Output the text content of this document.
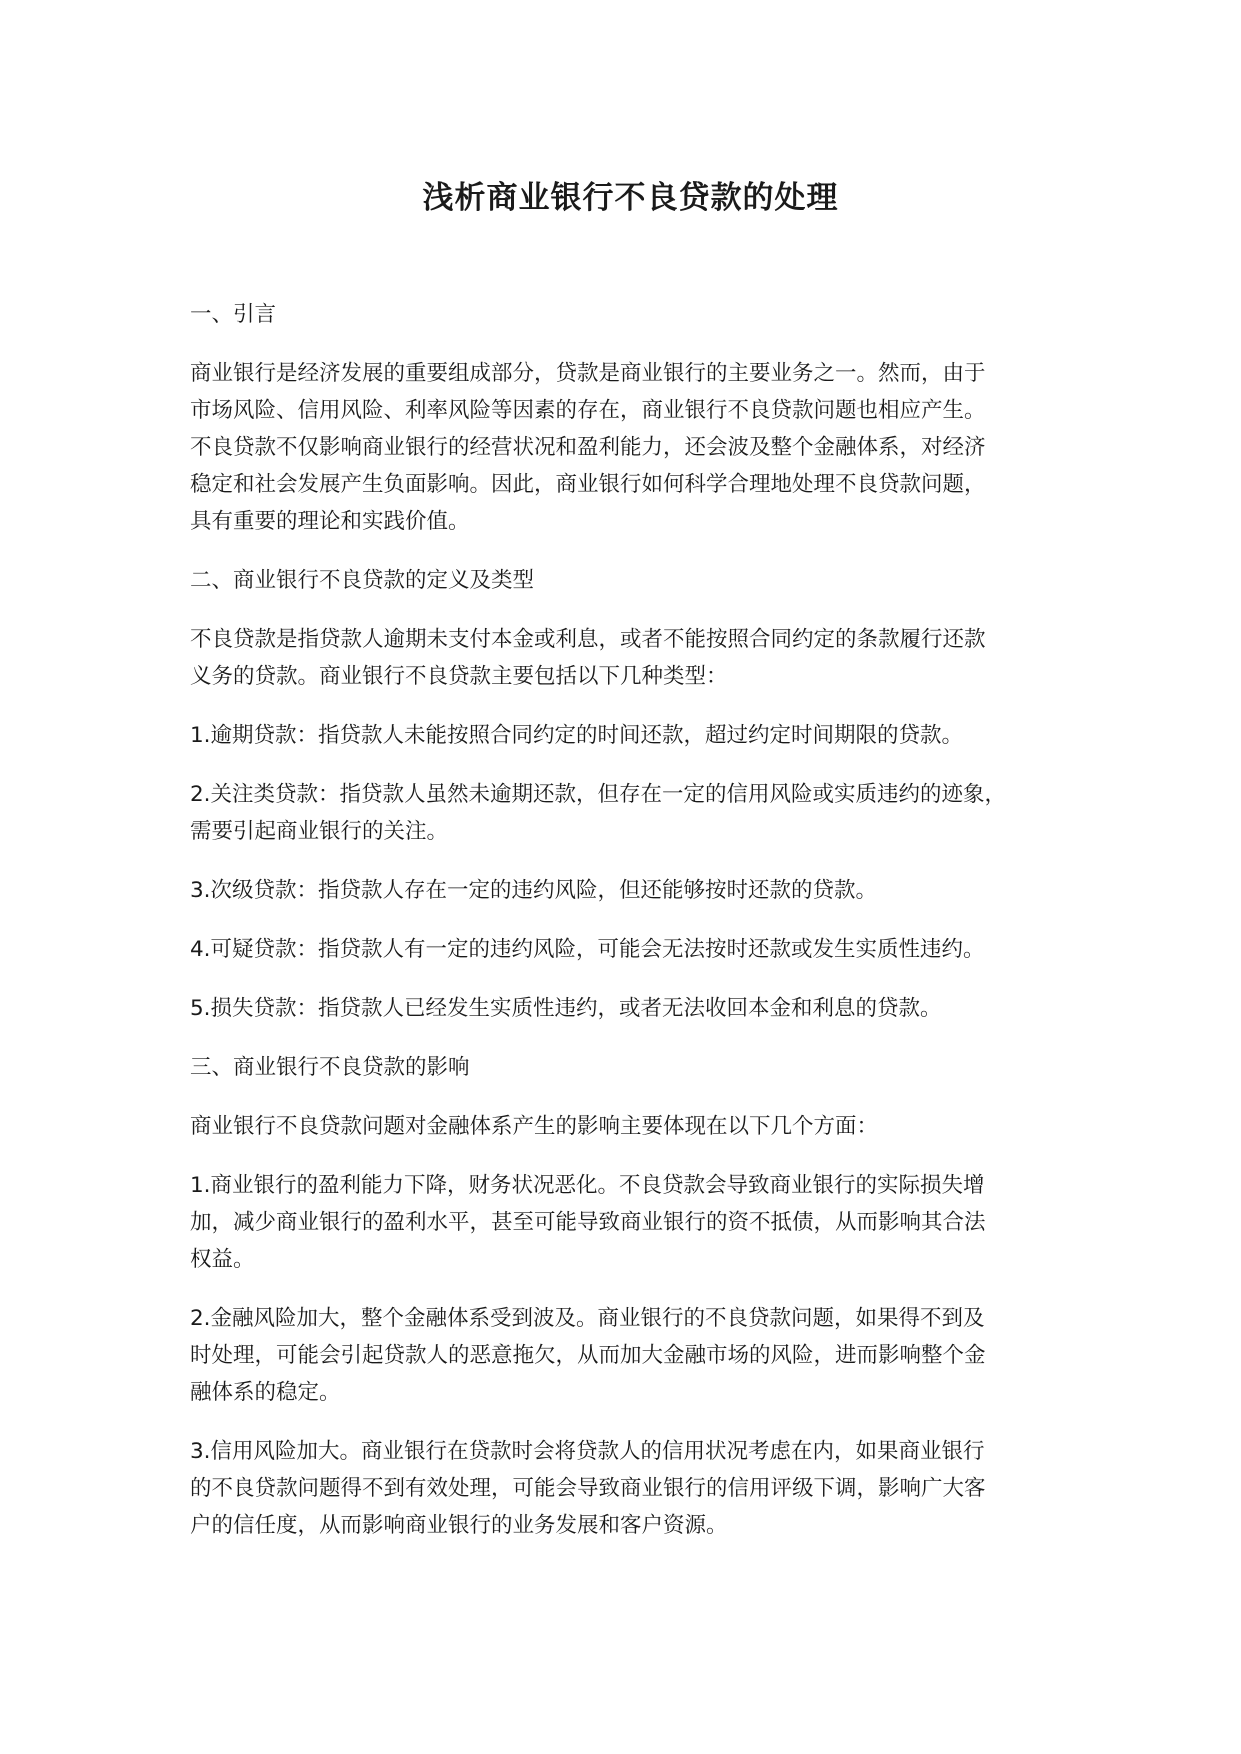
浅析商业银行不良贷款的处理
一、引言
商业银行是经济发展的重要组成部分，贷款是商业银行的主要业务之一。然而，由于
市场风险、信用风险、利率风险等因素的存在，商业银行不良贷款问题也相应产生。
不良贷款不仅影响商业银行的经营状况和盈利能力，还会波及整个金融体系，对经济
稳定和社会发展产生负面影响。因此，商业银行如何科学合理地处理不良贷款问题，
具有重要的理论和实践价值。
二、商业银行不良贷款的定义及类型
不良贷款是指贷款人逾期未支付本金或利息，或者不能按照合同约定的条款履行还款
义务的贷款。商业银行不良贷款主要包括以下几种类型：
1.逾期贷款：指贷款人未能按照合同约定的时间还款，超过约定时间期限的贷款。
2.关注类贷款：指贷款人虽然未逾期还款，但存在一定的信用风险或实质违约的迹象，
需要引起商业银行的关注。
3.次级贷款：指贷款人存在一定的违约风险，但还能够按时还款的贷款。
4.可疑贷款：指贷款人有一定的违约风险，可能会无法按时还款或发生实质性违约。
5.损失贷款：指贷款人已经发生实质性违约，或者无法收回本金和利息的贷款。
三、商业银行不良贷款的影响
商业银行不良贷款问题对金融体系产生的影响主要体现在以下几个方面：
1.商业银行的盈利能力下降，财务状况恶化。不良贷款会导致商业银行的实际损失增
加，减少商业银行的盈利水平，甚至可能导致商业银行的资不抵债，从而影响其合法
权益。
2.金融风险加大，整个金融体系受到波及。商业银行的不良贷款问题，如果得不到及
时处理，可能会引起贷款人的恶意拖欠，从而加大金融市场的风险，进而影响整个金
融体系的稳定。
3.信用风险加大。商业银行在贷款时会将贷款人的信用状况考虑在内，如果商业银行
的不良贷款问题得不到有效处理，可能会导致商业银行的信用评级下调，影响广大客
户的信任度，从而影响商业银行的业务发展和客户资源。
